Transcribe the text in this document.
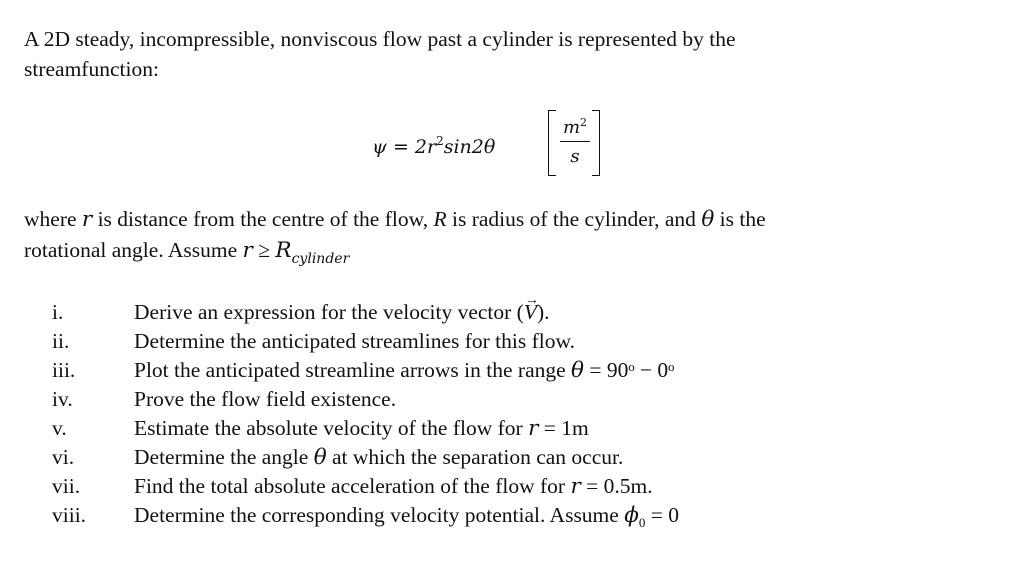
A 2D steady, incompressible, nonviscous flow past a cylinder is represented by the
streamfunction:
$\psi = 2r^2\sin 2\theta$
$m^2$
s
where r is distance from the centre of the flow, R is radius of the cylinder, and θ is the
rotational angle. Assume $r \ge R_{cylinder}$
i.	Derive an expression for the velocity vector (→ V).
ii.	Determine the anticipated streamlines for this flow.
iii.	Plot the anticipated streamline arrows in the range θ = 90ᵒ − 0ᵒ
iv.	Prove the flow field existence.
v.	Estimate the absolute velocity of the flow for r = 1m
vi.	Determine the angle θ at which the separation can occur.
vii.	Find the total absolute acceleration of the flow for r = 0.5m.
viii. Determine the corresponding velocity potential. Assume $\phi_0 = 0$
